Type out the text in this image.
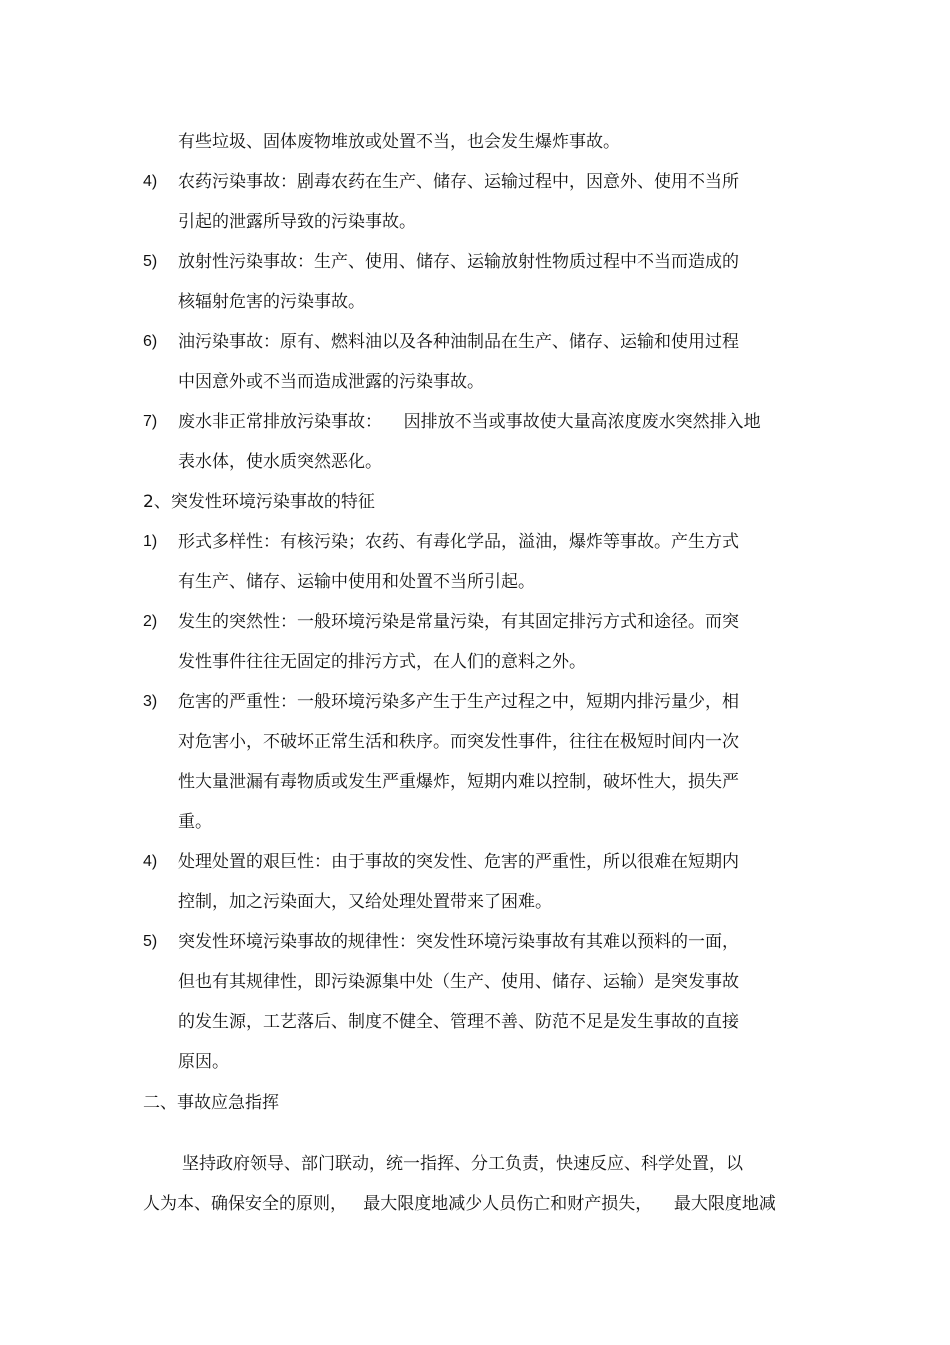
有些垃圾、固体废物堆放或处置不当，也会发生爆炸事故。
4) 农药污染事故：剧毒农药在生产、储存、运输过程中，因意外、使用不当所
引起的泄露所导致的污染事故。
5) 放射性污染事故：生产、使用、储存、运输放射性物质过程中不当而造成的
核辐射危害的污染事故。
6) 油污染事故：原有、燃料油以及各种油制品在生产、储存、运输和使用过程
中因意外或不当而造成泄露的污染事故。
7) 废水非正常排放污染事故：    因排放不当或事故使大量高浓度废水突然排入地
表水体，使水质突然恶化。
2、突发性环境污染事故的特征
1) 形式多样性：有核污染；农药、有毒化学品，溢油，爆炸等事故。产生方式
有生产、储存、运输中使用和处置不当所引起。
2) 发生的突然性：一般环境污染是常量污染，有其固定排污方式和途径。而突
发性事件往往无固定的排污方式，在人们的意料之外。
3) 危害的严重性：一般环境污染多产生于生产过程之中，短期内排污量少，相
对危害小，不破坏正常生活和秩序。而突发性事件，往往在极短时间内一次
性大量泄漏有毒物质或发生严重爆炸，短期内难以控制，破坏性大，损失严
重。
4) 处理处置的艰巨性：由于事故的突发性、危害的严重性，所以很难在短期内
控制，加之污染面大，又给处理处置带来了困难。
5) 突发性环境污染事故的规律性：突发性环境污染事故有其难以预料的一面，
但也有其规律性，即污染源集中处（生产、使用、储存、运输）是突发事故
的发生源，工艺落后、制度不健全、管理不善、防范不足是发生事故的直接
原因。
二、事故应急指挥
坚持政府领导、部门联动，统一指挥、分工负责，快速反应、科学处置，以
人为本、确保安全的原则，   最大限度地减少人员伤亡和财产损失，    最大限度地减
